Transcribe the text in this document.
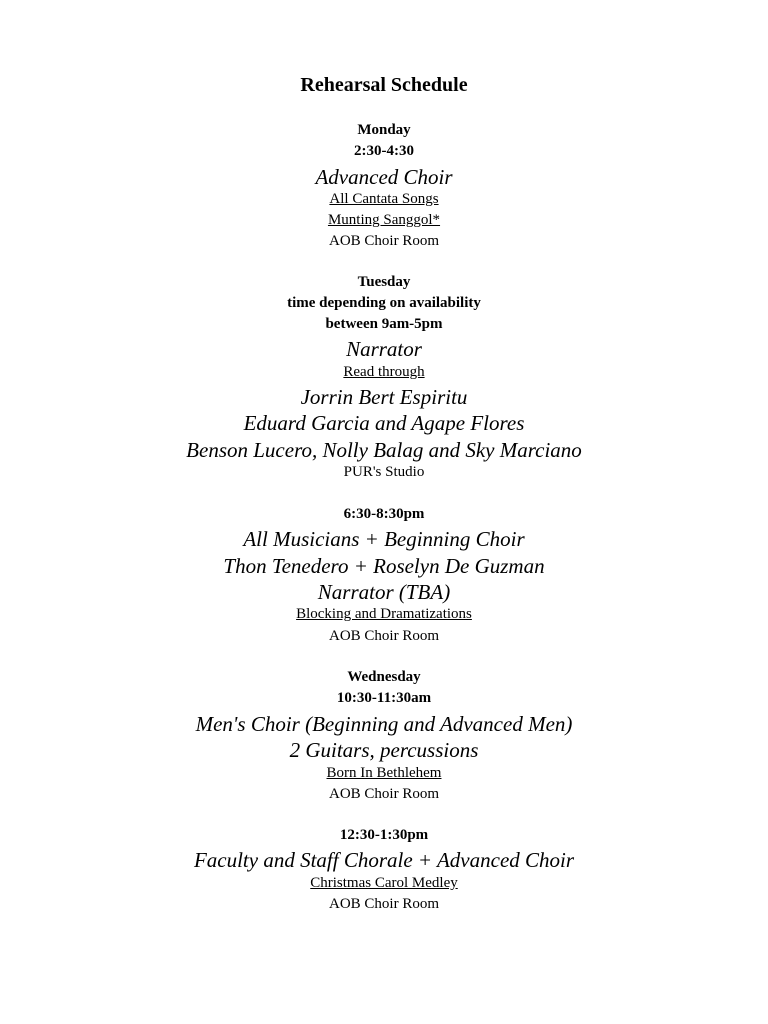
Rehearsal Schedule
Monday
2:30-4:30
Advanced Choir
All Cantata Songs
Munting Sanggol*
AOB Choir Room
Tuesday
time depending on availability
between 9am-5pm
Narrator
Read through
Jorrin Bert Espiritu
Eduard Garcia and Agape Flores
Benson Lucero, Nolly Balag and Sky Marciano
PUR's Studio
6:30-8:30pm
All Musicians + Beginning Choir
Thon Tenedero + Roselyn De Guzman
Narrator (TBA)
Blocking and Dramatizations
AOB Choir Room
Wednesday
10:30-11:30am
Men's Choir (Beginning and Advanced Men)
2 Guitars, percussions
Born In Bethlehem
AOB Choir Room
12:30-1:30pm
Faculty and Staff Chorale + Advanced Choir
Christmas Carol Medley
AOB Choir Room
